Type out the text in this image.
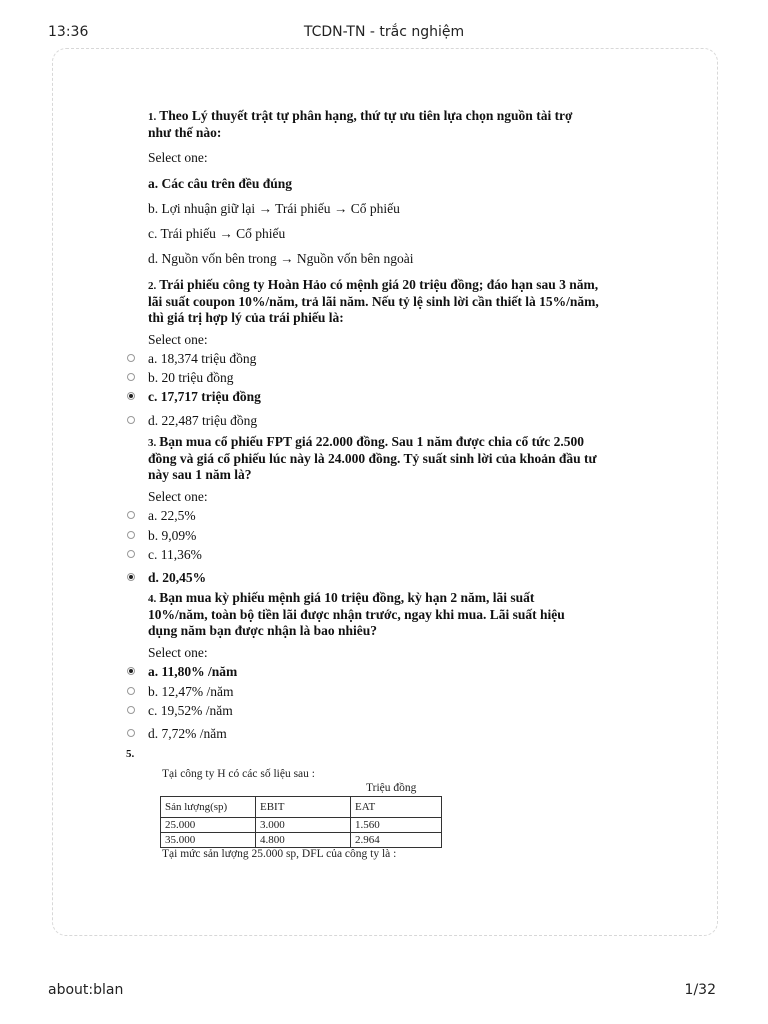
13:36	TCDN-TN - trắc nghiệm
1. Theo Lý thuyết trật tự phân hạng, thứ tự ưu tiên lựa chọn nguồn tài trợ
như thế nào:
Select one:
a. Các câu trên đều đúng
b. Lợi nhuận giữ lại → Trái phiếu → Cổ phiếu
c. Trái phiếu → Cổ phiếu
d. Nguồn vốn bên trong → Nguồn vốn bên ngoài
2. Trái phiếu công ty Hoàn Hảo có mệnh giá 20 triệu đồng; đáo hạn sau 3 năm,
lãi suất coupon 10%/năm, trả lãi năm. Nếu tỷ lệ sinh lời cần thiết là 15%/năm,
thì giá trị hợp lý của trái phiếu là:
Select one:
a. 18,374 triệu đồng
b. 20 triệu đồng
c. 17,717 triệu đồng
d. 22,487 triệu đồng
3. Bạn mua cổ phiếu FPT giá 22.000 đồng. Sau 1 năm được chia cổ tức 2.500
đồng và giá cổ phiếu lúc này là 24.000 đồng. Tỷ suất sinh lời của khoản đầu tư
này sau 1 năm là?
Select one:
a. 22,5%
b. 9,09%
c. 11,36%
d. 20,45%
4. Bạn mua kỳ phiếu mệnh giá 10 triệu đồng, kỳ hạn 2 năm, lãi suất
10%/năm, toàn bộ tiền lãi được nhận trước, ngay khi mua. Lãi suất hiệu
dụng năm bạn được nhận là bao nhiêu?
Select one:
a. 11,80% /năm
b. 12,47% /năm
c. 19,52% /năm
d. 7,72% /năm
5.
Tại công ty H có các số liệu sau :
Triệu đồng
Sản lượng(sp)	EBIT	EAT
25.000	3.000	1.560
35.000	4.800	2.964
Tại mức sản lượng 25.000 sp, DFL của công ty là :
about:blan	1/32
